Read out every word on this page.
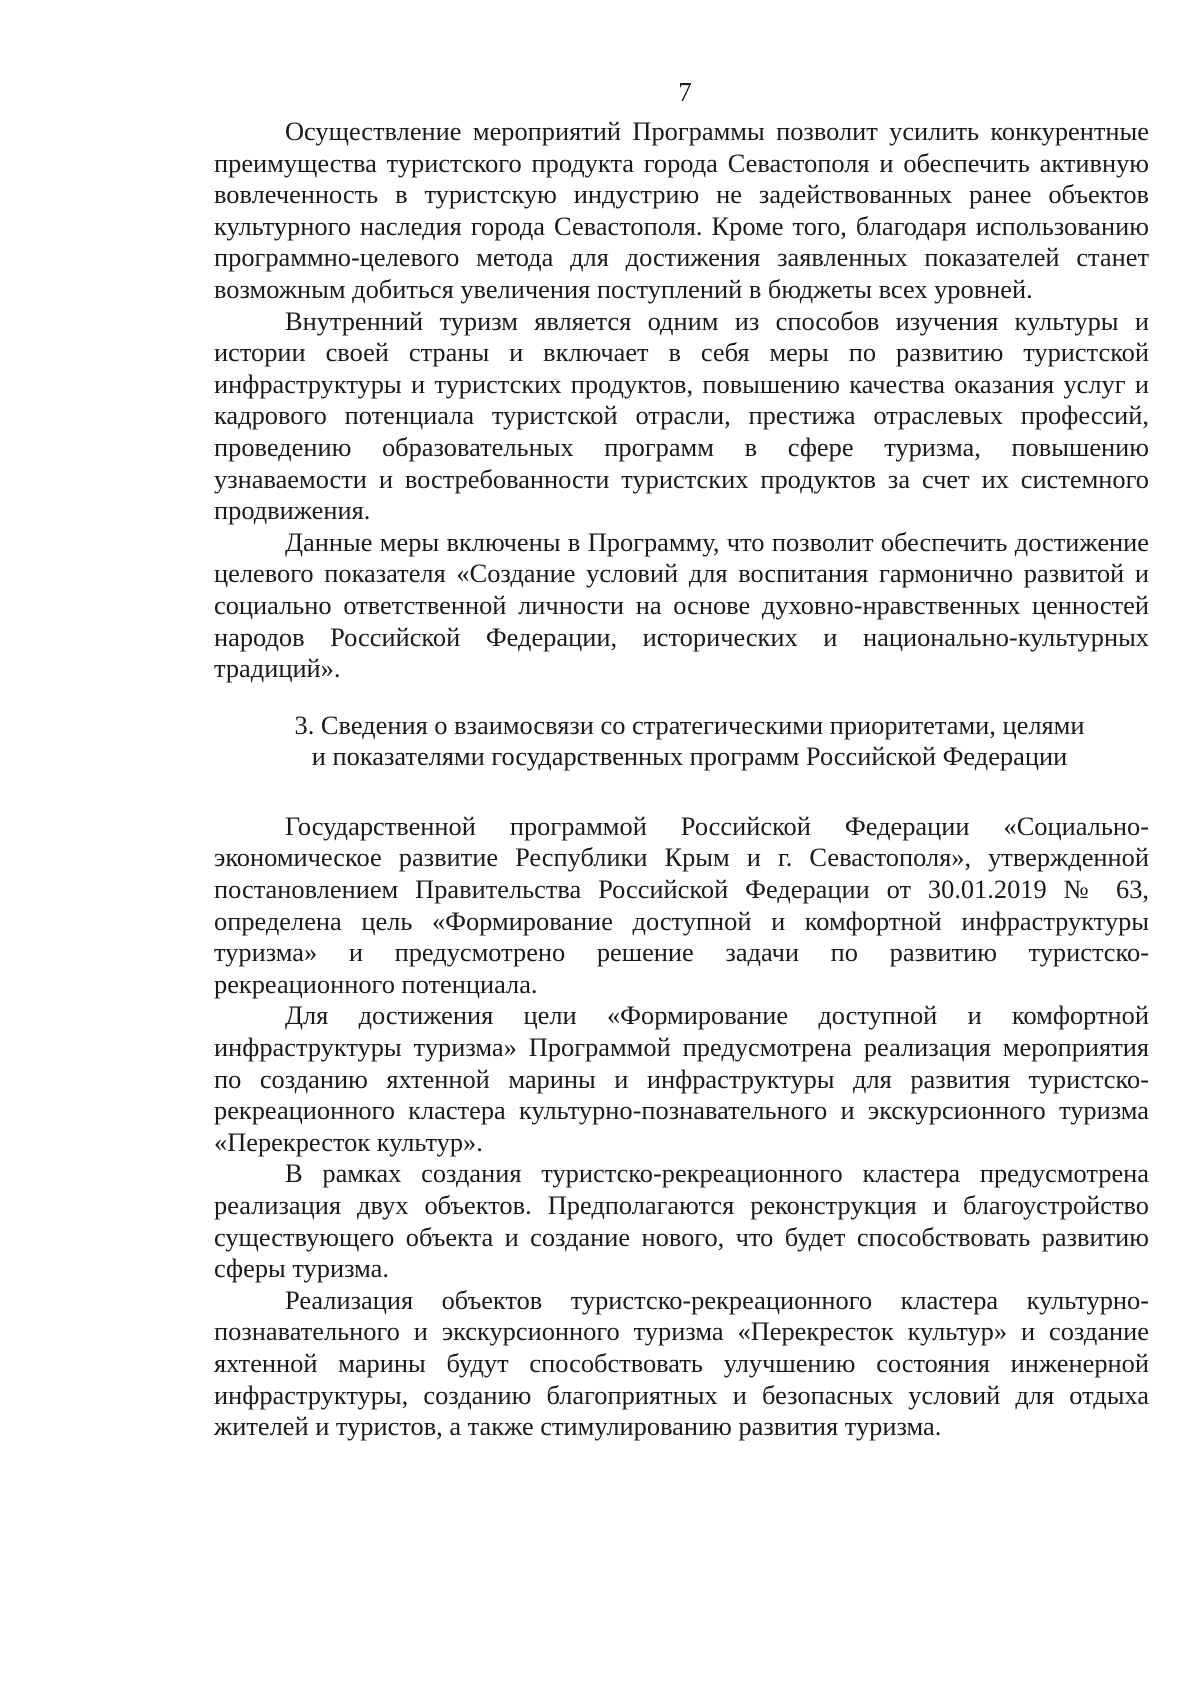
7

Осуществление мероприятий Программы позволит усилить конкурентные преимущества туристского продукта города Севастополя и обеспечить активную вовлеченность в туристскую индустрию не задействованных ранее объектов культурного наследия города Севастополя. Кроме того, благодаря использованию программно-целевого метода для достижения заявленных показателей станет возможным добиться увеличения поступлений в бюджеты всех уровней.

Внутренний туризм является одним из способов изучения культуры и истории своей страны и включает в себя меры по развитию туристской инфраструктуры и туристских продуктов, повышению качества оказания услуг и кадрового потенциала туристской отрасли, престижа отраслевых профессий, проведению образовательных программ в сфере туризма, повышению узнаваемости и востребованности туристских продуктов за счет их системного продвижения.

Данные меры включены в Программу, что позволит обеспечить достижение целевого показателя «Создание условий для воспитания гармонично развитой и социально ответственной личности на основе духовно-нравственных ценностей народов Российской Федерации, исторических и национально-культурных традиций».

3. Сведения о взаимосвязи со стратегическими приоритетами, целями
и показателями государственных программ Российской Федерации

Государственной программой Российской Федерации «Социально-экономическое развитие Республики Крым и г. Севастополя», утвержденной постановлением Правительства Российской Федерации от 30.01.2019 № 63, определена цель «Формирование доступной и комфортной инфраструктуры туризма» и предусмотрено решение задачи по развитию туристско-рекреационного потенциала.

Для достижения цели «Формирование доступной и комфортной инфраструктуры туризма» Программой предусмотрена реализация мероприятия по созданию яхтенной марины и инфраструктуры для развития туристско-рекреационного кластера культурно-познавательного и экскурсионного туризма «Перекресток культур».

В рамках создания туристско-рекреационного кластера предусмотрена реализация двух объектов. Предполагаются реконструкция и благоустройство существующего объекта и создание нового, что будет способствовать развитию сферы туризма.

Реализация объектов туристско-рекреационного кластера культурно-познавательного и экскурсионного туризма «Перекресток культур» и создание яхтенной марины будут способствовать улучшению состояния инженерной инфраструктуры, созданию благоприятных и безопасных условий для отдыха жителей и туристов, а также стимулированию развития туризма.
